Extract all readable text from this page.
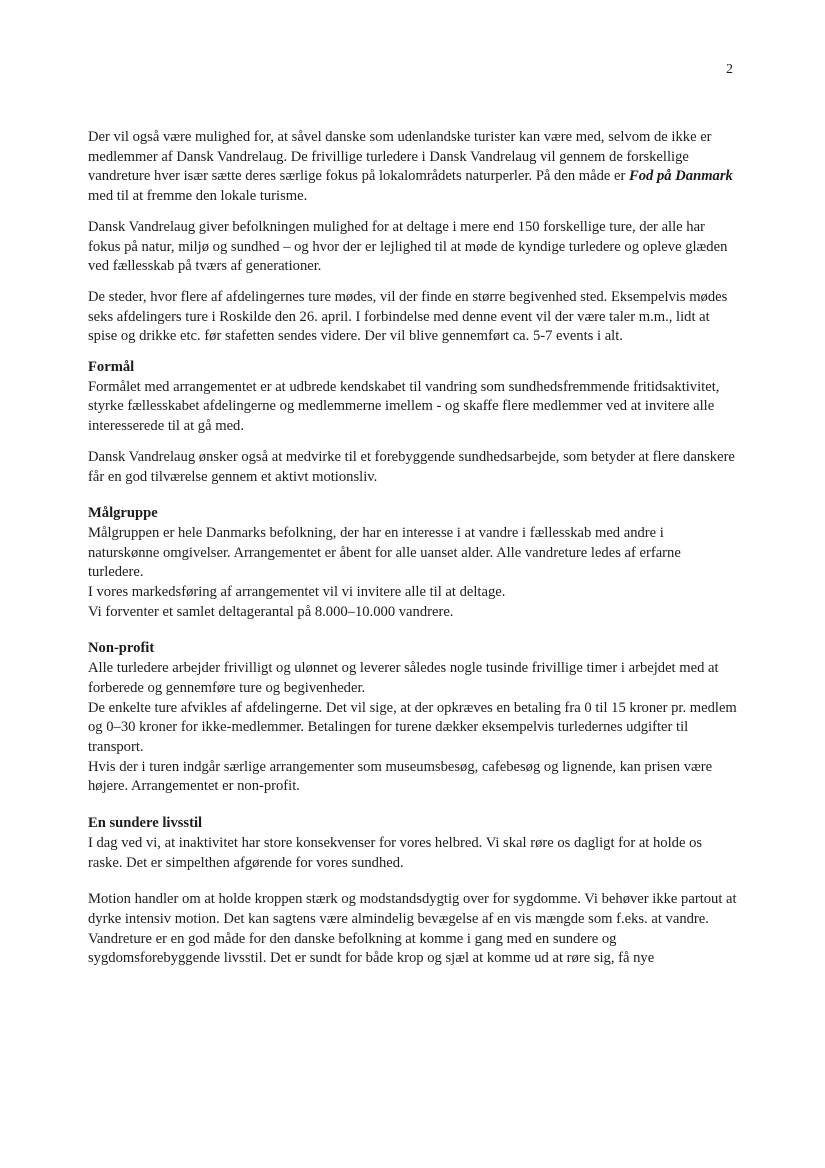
2

Der vil også være mulighed for, at såvel danske som udenlandske turister kan være med, selvom de ikke er medlemmer af Dansk Vandrelaug. De frivillige turledere i Dansk Vandrelaug vil gennem de forskellige vandreture hver især sætte deres særlige fokus på lokalområdets naturperler. På den måde er Fod på Danmark med til at fremme den lokale turisme.

Dansk Vandrelaug giver befolkningen mulighed for at deltage i mere end 150 forskellige ture, der alle har fokus på natur, miljø og sundhed – og hvor der er lejlighed til at møde de kyndige turledere og opleve glæden ved fællesskab på tværs af generationer.

De steder, hvor flere af afdelingernes ture mødes, vil der finde en større begivenhed sted. Eksempelvis mødes seks afdelingers ture i Roskilde den 26. april. I forbindelse med denne event vil der være taler m.m., lidt at spise og drikke etc. før stafetten sendes videre. Der vil blive gennemført ca. 5-7 events i alt.

Formål

Formålet med arrangementet er at udbrede kendskabet til vandring som sundhedsfremmende fritidsaktivitet, styrke fællesskabet afdelingerne og medlemmerne imellem - og skaffe flere medlemmer ved at invitere alle interesserede til at gå med.

Dansk Vandrelaug ønsker også at medvirke til et forebyggende sundhedsarbejde, som betyder at flere danskere får en god tilværelse gennem et aktivt motionsliv.

Målgruppe

Målgruppen er hele Danmarks befolkning, der har en interesse i at vandre i fællesskab med andre i naturskønne omgivelser. Arrangementet er åbent for alle uanset alder. Alle vandreture ledes af erfarne turledere.

I vores markedsføring af arrangementet vil vi invitere alle til at deltage.

Vi forventer et samlet deltagerantal på 8.000–10.000 vandrere.

Non-profit

Alle turledere arbejder frivilligt og ulønnet og leverer således nogle tusinde frivillige timer i arbejdet med at forberede og gennemføre ture og begivenheder.

De enkelte ture afvikles af afdelingerne. Det vil sige, at der opkræves en betaling fra 0 til 15 kroner pr. medlem og 0–30 kroner for ikke-medlemmer. Betalingen for turene dækker eksempelvis turledernes udgifter til transport.

Hvis der i turen indgår særlige arrangementer som museumsbesøg, cafebesøg og lignende, kan prisen være højere. Arrangementet er non-profit.

En sundere livsstil

I dag ved vi, at inaktivitet har store konsekvenser for vores helbred. Vi skal røre os dagligt for at holde os raske. Det er simpelthen afgørende for vores sundhed.

Motion handler om at holde kroppen stærk og modstandsdygtig over for sygdomme. Vi behøver ikke partout at dyrke intensiv motion. Det kan sagtens være almindelig bevægelse af en vis mængde som f.eks. at vandre.

Vandreture er en god måde for den danske befolkning at komme i gang med en sundere og sygdomsforebyggende livsstil. Det er sundt for både krop og sjæl at komme ud at røre sig, få nye
